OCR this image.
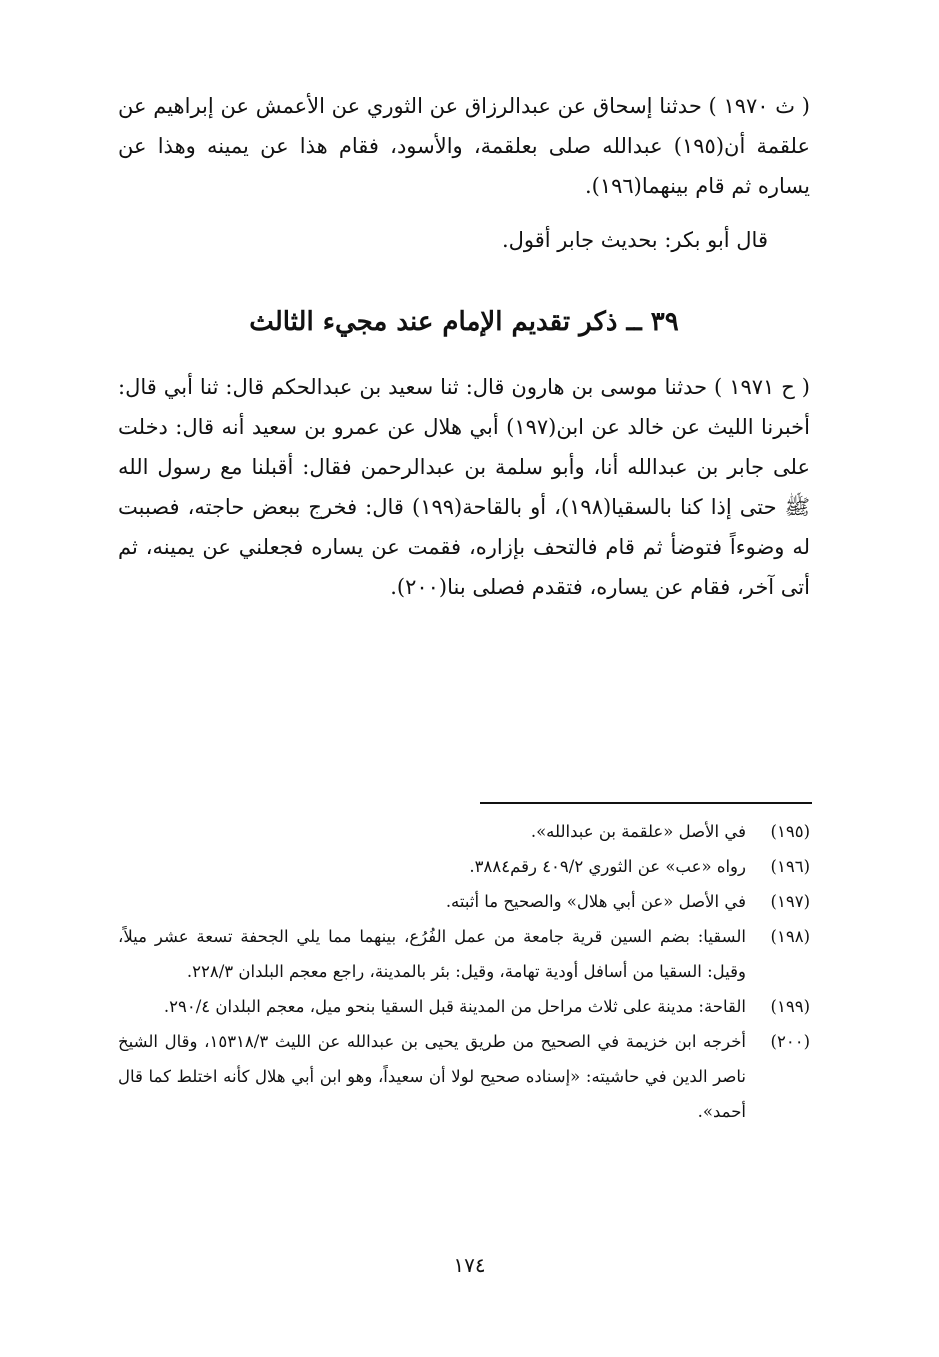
( ث ١٩٧٠ ) حدثنا إسحاق عن عبدالرزاق عن الثوري عن الأعمش عن إبراهيم عن علقمة أن(١٩٥) عبدالله صلى بعلقمة، والأسود، فقام هذا عن يمينه وهذا عن يساره ثم قام بينهما(١٩٦).

قال أبو بكر: بحديث جابر أقول.

٣٩ ــ ذكر تقديم الإمام عند مجيء الثالث

( ح ١٩٧١ ) حدثنا موسى بن هارون قال: ثنا سعيد بن عبدالحكم قال: ثنا أبي قال: أخبرنا الليث عن خالد عن ابن(١٩٧) أبي هلال عن عمرو بن سعيد أنه قال: دخلت على جابر بن عبدالله أنا، وأبو سلمة بن عبدالرحمن فقال: أقبلنا مع رسول الله ﷺ حتى إذا كنا بالسقيا(١٩٨)، أو بالقاحة(١٩٩) قال: فخرج ببعض حاجته، فصببت له وضوءاً فتوضأ ثم قام فالتحف بإزاره، فقمت عن يساره فجعلني عن يمينه، ثم أتى آخر، فقام عن يساره، فتقدم فصلى بنا(٢٠٠).

(١٩٥)
في الأصل «علقمة بن عبدالله».
(١٩٦)
رواه «عب» عن الثوري ٤٠٩/٢ رقم٣٨٨٤.
(١٩٧)
في الأصل «عن أبي هلال» والصحيح ما أثبته.
(١٩٨)
السقيا: بضم السين قرية جامعة من عمل الفُرُع، بينهما مما يلي الجحفة تسعة عشر ميلاً، وقيل: السقيا من أسافل أودية تهامة، وقيل: بئر بالمدينة، راجع معجم البلدان ٢٢٨/٣.
(١٩٩)
القاحة: مدينة على ثلاث مراحل من المدينة قبل السقيا بنحو ميل، معجم البلدان ٢٩٠/٤.
(٢٠٠)
أخرجه ابن خزيمة في الصحيح من طريق يحيى بن عبدالله عن الليث ١٥٣١٨/٣، وقال الشيخ ناصر الدين في حاشيته: «إسناده صحيح لولا أن سعيداً، وهو ابن أبي هلال كأنه اختلط كما قال أحمد».
١٧٤
